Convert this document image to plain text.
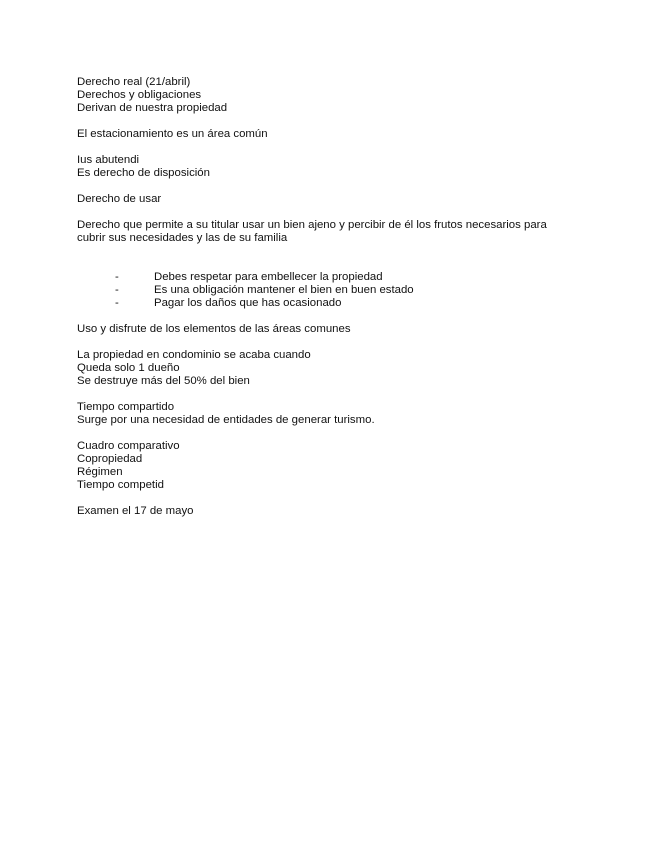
Derecho real (21/abril)
Derechos y obligaciones
Derivan de nuestra propiedad
El estacionamiento es un área común
Ius abutendi
Es derecho de disposición
Derecho de usar
Derecho que permite a su titular usar un bien ajeno y percibir de él los frutos necesarios para
cubrir sus necesidades y las de su familia
-	Debes respetar para embellecer la propiedad
-	Es una obligación mantener el bien en buen estado
-	Pagar los daños que has ocasionado
Uso y disfrute de los elementos de las áreas comunes
La propiedad en condominio se acaba cuando
Queda solo 1 dueño
Se destruye más del 50% del bien
Tiempo compartido
Surge por una necesidad de entidades de generar turismo.
Cuadro comparativo
Copropiedad
Régimen
Tiempo competid
Examen el 17 de mayo
